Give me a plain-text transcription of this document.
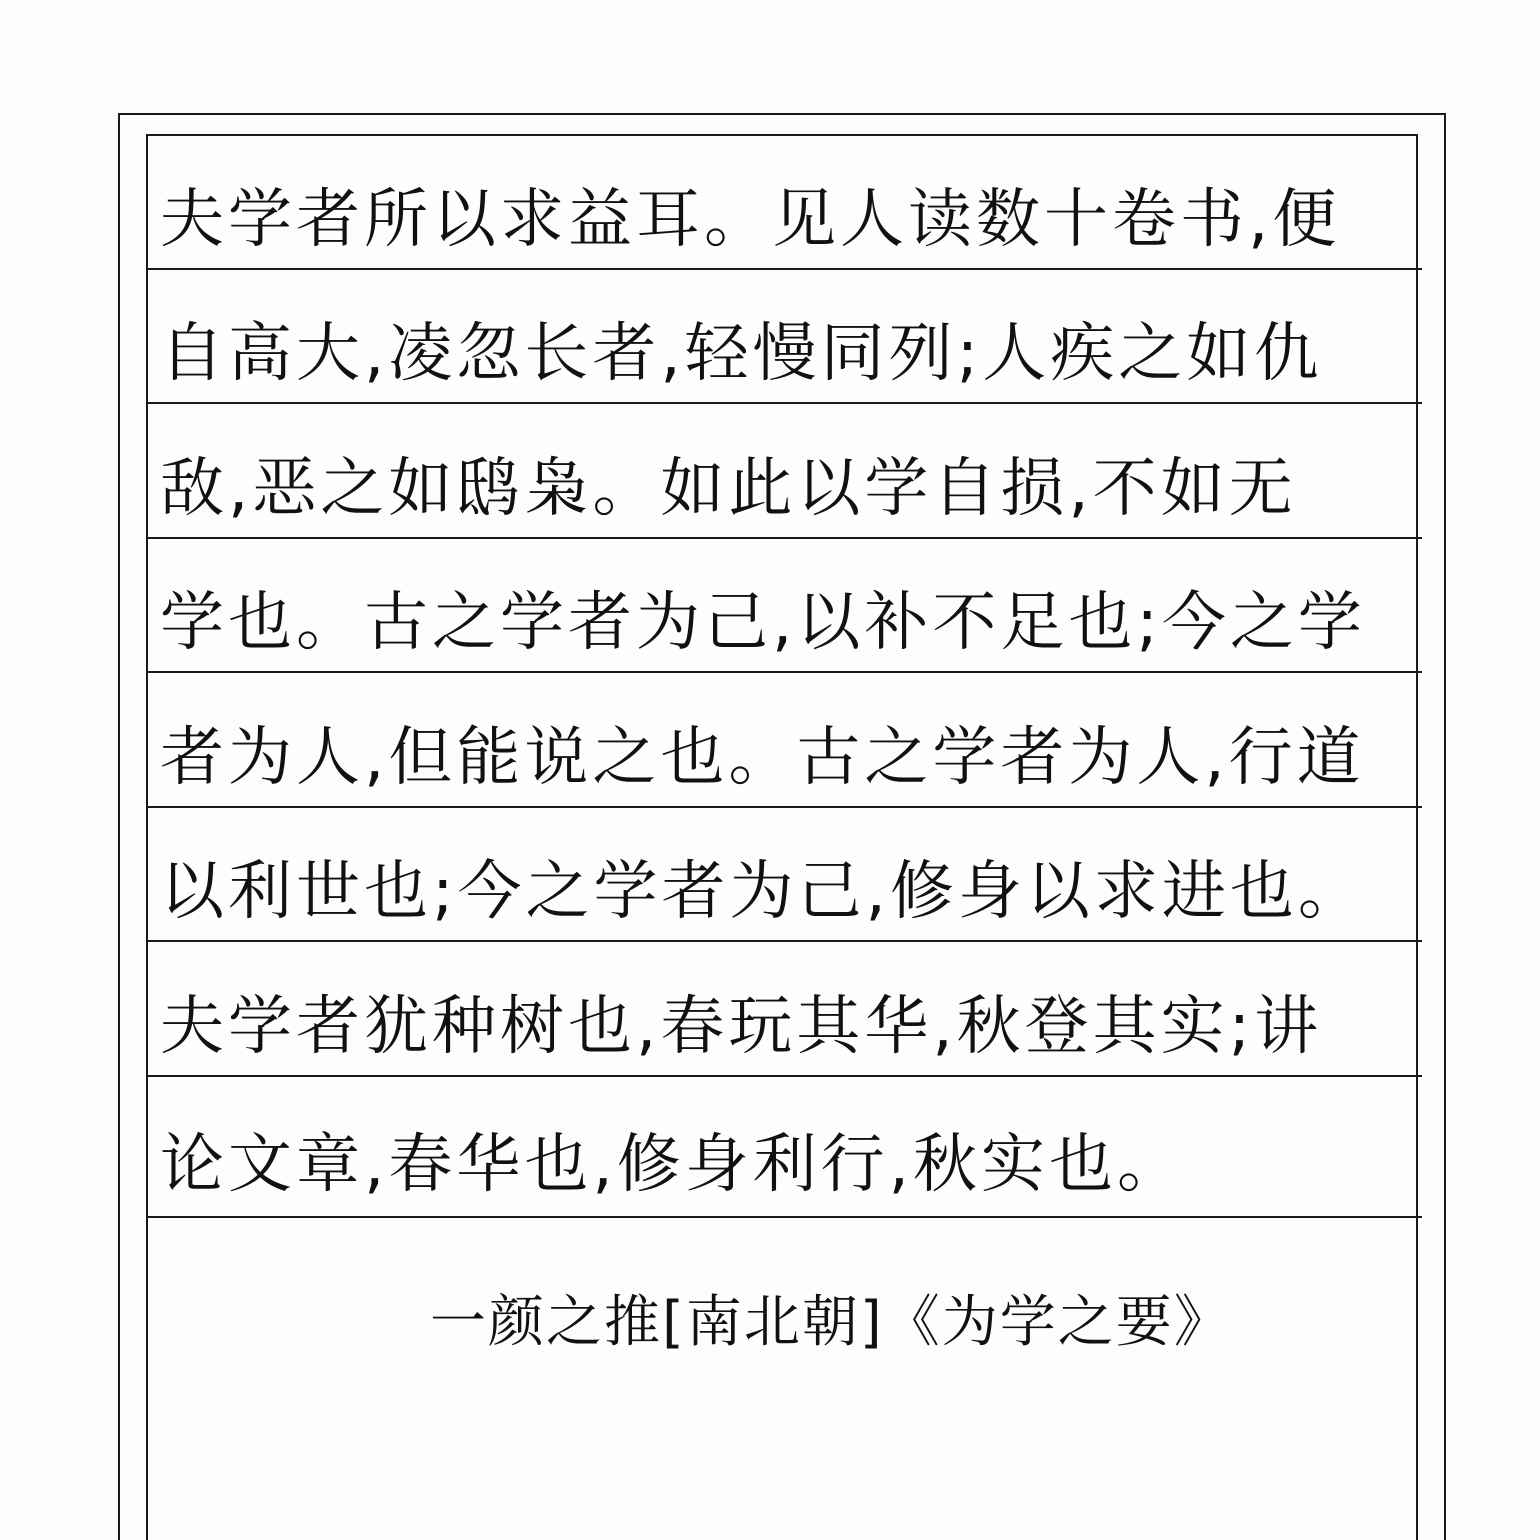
夫学者所以求益耳。见人读数十卷书,便
自高大,凌忽长者,轻慢同列;人疾之如仇
敌,恶之如鸱枭。如此以学自损,不如无
学也。古之学者为己,以补不足也;今之学
者为人,但能说之也。古之学者为人,行道
以利世也;今之学者为己,修身以求进也。
夫学者犹种树也,春玩其华,秋登其实;讲
论文章,春华也,修身利行,秋实也。
一颜之推[南北朝]《为学之要》
